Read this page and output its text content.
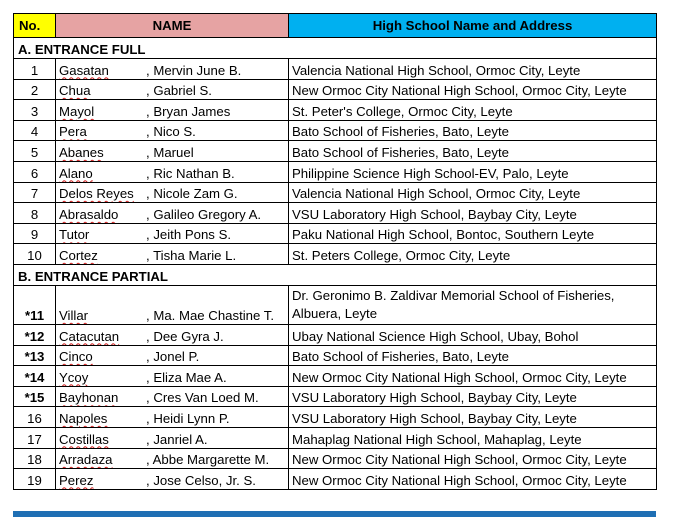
No.	NAME	High School Name and Address
A. ENTRANCE FULL		
1	Gasatan , Mervin June B.	Valencia National High School, Ormoc City, Leyte
2	Chua , Gabriel S.	New Ormoc City National High School, Ormoc City, Leyte
3	Mayol , Bryan James	St. Peter's College, Ormoc City, Leyte
4	Pera , Nico S.	Bato School of Fisheries, Bato, Leyte
5	Abanes , Maruel	Bato School of Fisheries, Bato, Leyte
6	Alano , Ric Nathan B.	Philippine Science High School-EV, Palo, Leyte
7	Delos Reyes , Nicole Zam G.	Valencia National High School, Ormoc City, Leyte
8	Abrasaldo , Galileo Gregory A.	VSU Laboratory High School, Baybay City, Leyte
9	Tutor , Jeith Pons S.	Paku National High School, Bontoc, Southern Leyte
10	Cortez , Tisha Marie L.	St. Peters College, Ormoc City, Leyte
B. ENTRANCE PARTIAL		
*11	Villar , Ma. Mae Chastine T.	Dr. Geronimo B. Zaldivar Memorial School of Fisheries, Albuera, Leyte
*12	Catacutan , Dee Gyra J.	Ubay National Science High School, Ubay, Bohol
*13	Cinco , Jonel P.	Bato School of Fisheries, Bato, Leyte
*14	Ycoy , Eliza Mae A.	New Ormoc City National High School, Ormoc City, Leyte
*15	Bayhonan , Cres Van Loed M.	VSU Laboratory High School, Baybay City, Leyte
16	Napoles , Heidi Lynn P.	VSU Laboratory High School, Baybay City, Leyte
17	Costillas , Janriel A.	Mahaplag National High School, Mahaplag, Leyte
18	Arradaza , Abbe Margarette M.	New Ormoc City National High School, Ormoc City, Leyte
19	Perez , Jose Celso, Jr. S.	New Ormoc City National High School, Ormoc City, Leyte
